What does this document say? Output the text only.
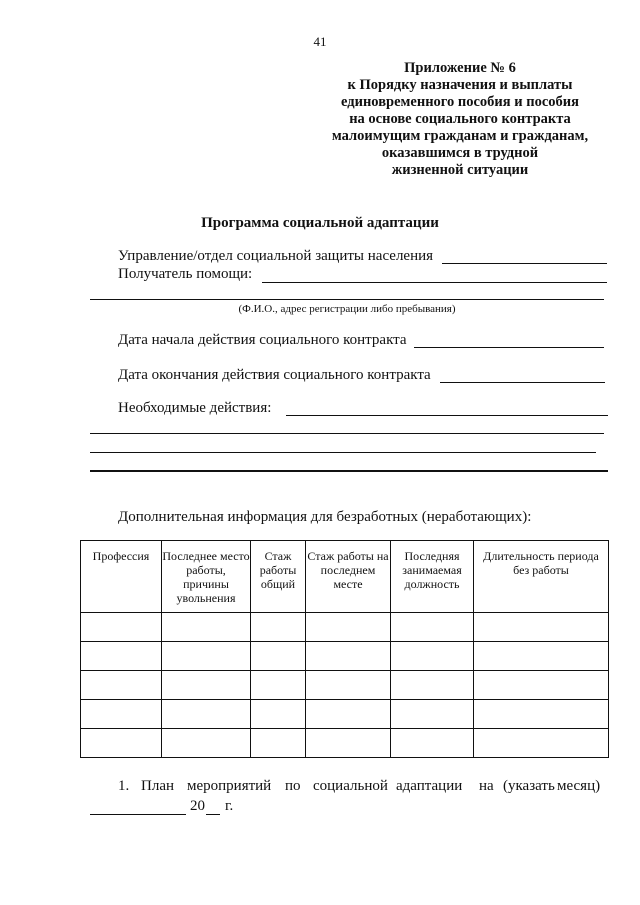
41
Приложение № 6
к Порядку назначения и выплаты
единовременного пособия и пособия
на основе социального контракта
малоимущим гражданам и гражданам,
оказавшимся в трудной
жизненной ситуации
Программа социальной адаптации
Управление/отдел социальной защиты населения
Получатель помощи:
(Ф.И.О., адрес регистрации либо пребывания)
Дата начала действия социального контракта
Дата окончания действия социального контракта
Необходимые действия:
Дополнительная информация для безработных (неработающих):
Профессия	Последнее место работы, причины увольнения	Стаж работы общий	Стаж работы на последнем месте	Последняя занимаемая должность	Длительность периода без работы

1. План мероприятий по социальной адаптации на (указать месяц)
20 г.
